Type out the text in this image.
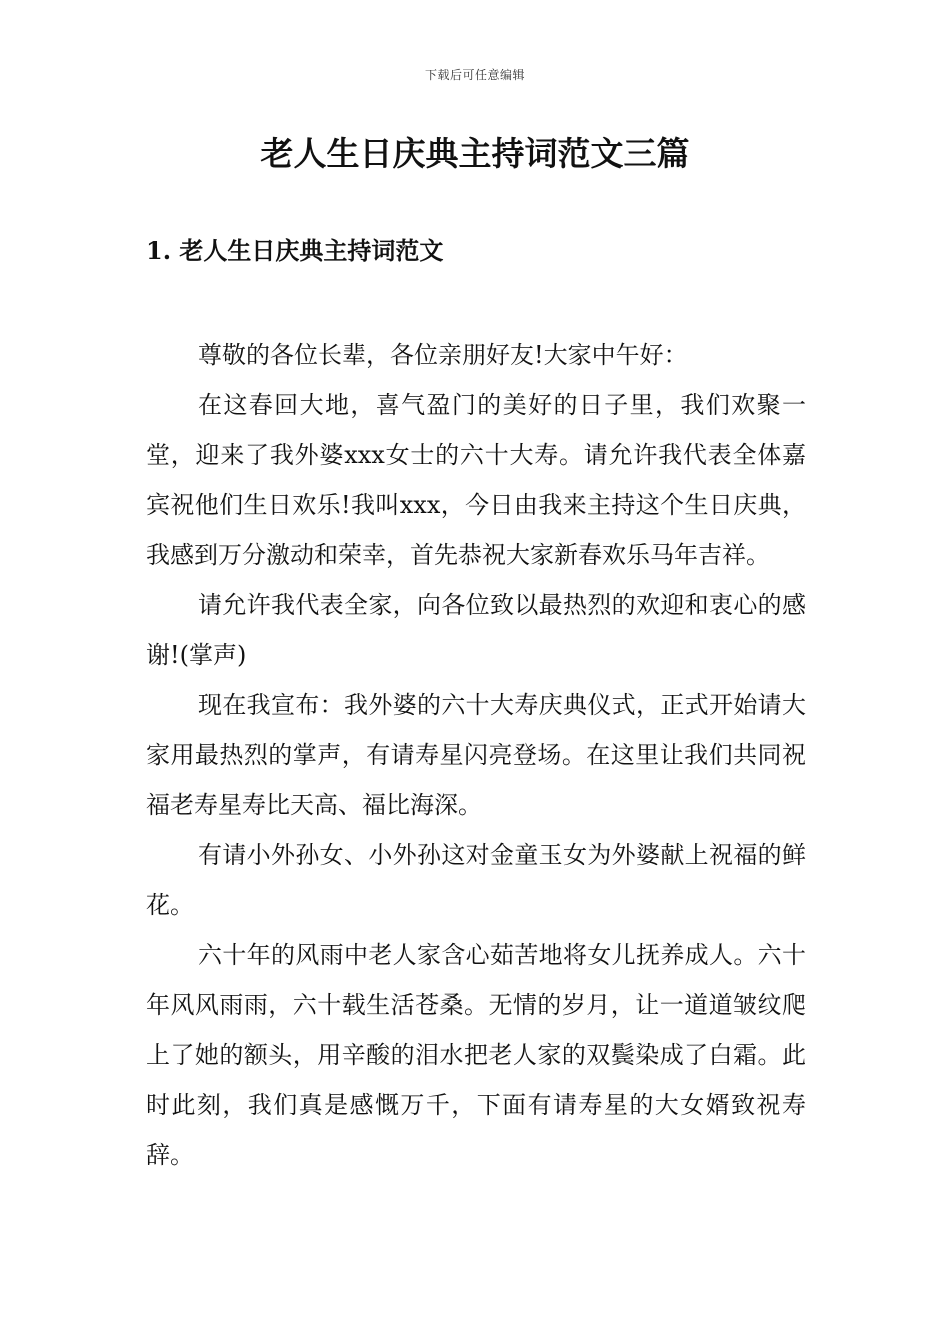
下载后可任意编辑
老人生日庆典主持词范文三篇
1. 老人生日庆典主持词范文

尊敬的各位长辈，各位亲朋好友!大家中午好：

在这春回大地，喜气盈门的美好的日子里，我们欢聚一堂，迎来了我外婆xxx女士的六十大寿。请允许我代表全体嘉宾祝他们生日欢乐!我叫xxx，今日由我来主持这个生日庆典，我感到万分激动和荣幸，首先恭祝大家新春欢乐马年吉祥。

请允许我代表全家，向各位致以最热烈的欢迎和衷心的感谢!(掌声)

现在我宣布：我外婆的六十大寿庆典仪式，正式开始请大家用最热烈的掌声，有请寿星闪亮登场。在这里让我们共同祝福老寿星寿比天高、福比海深。

有请小外孙女、小外孙这对金童玉女为外婆献上祝福的鲜花。

六十年的风雨中老人家含心茹苦地将女儿抚养成人。六十年风风雨雨，六十载生活苍桑。无情的岁月，让一道道皱纹爬上了她的额头，用辛酸的泪水把老人家的双鬓染成了白霜。此时此刻，我们真是感慨万千，下面有请寿星的大女婿致祝寿辞。
